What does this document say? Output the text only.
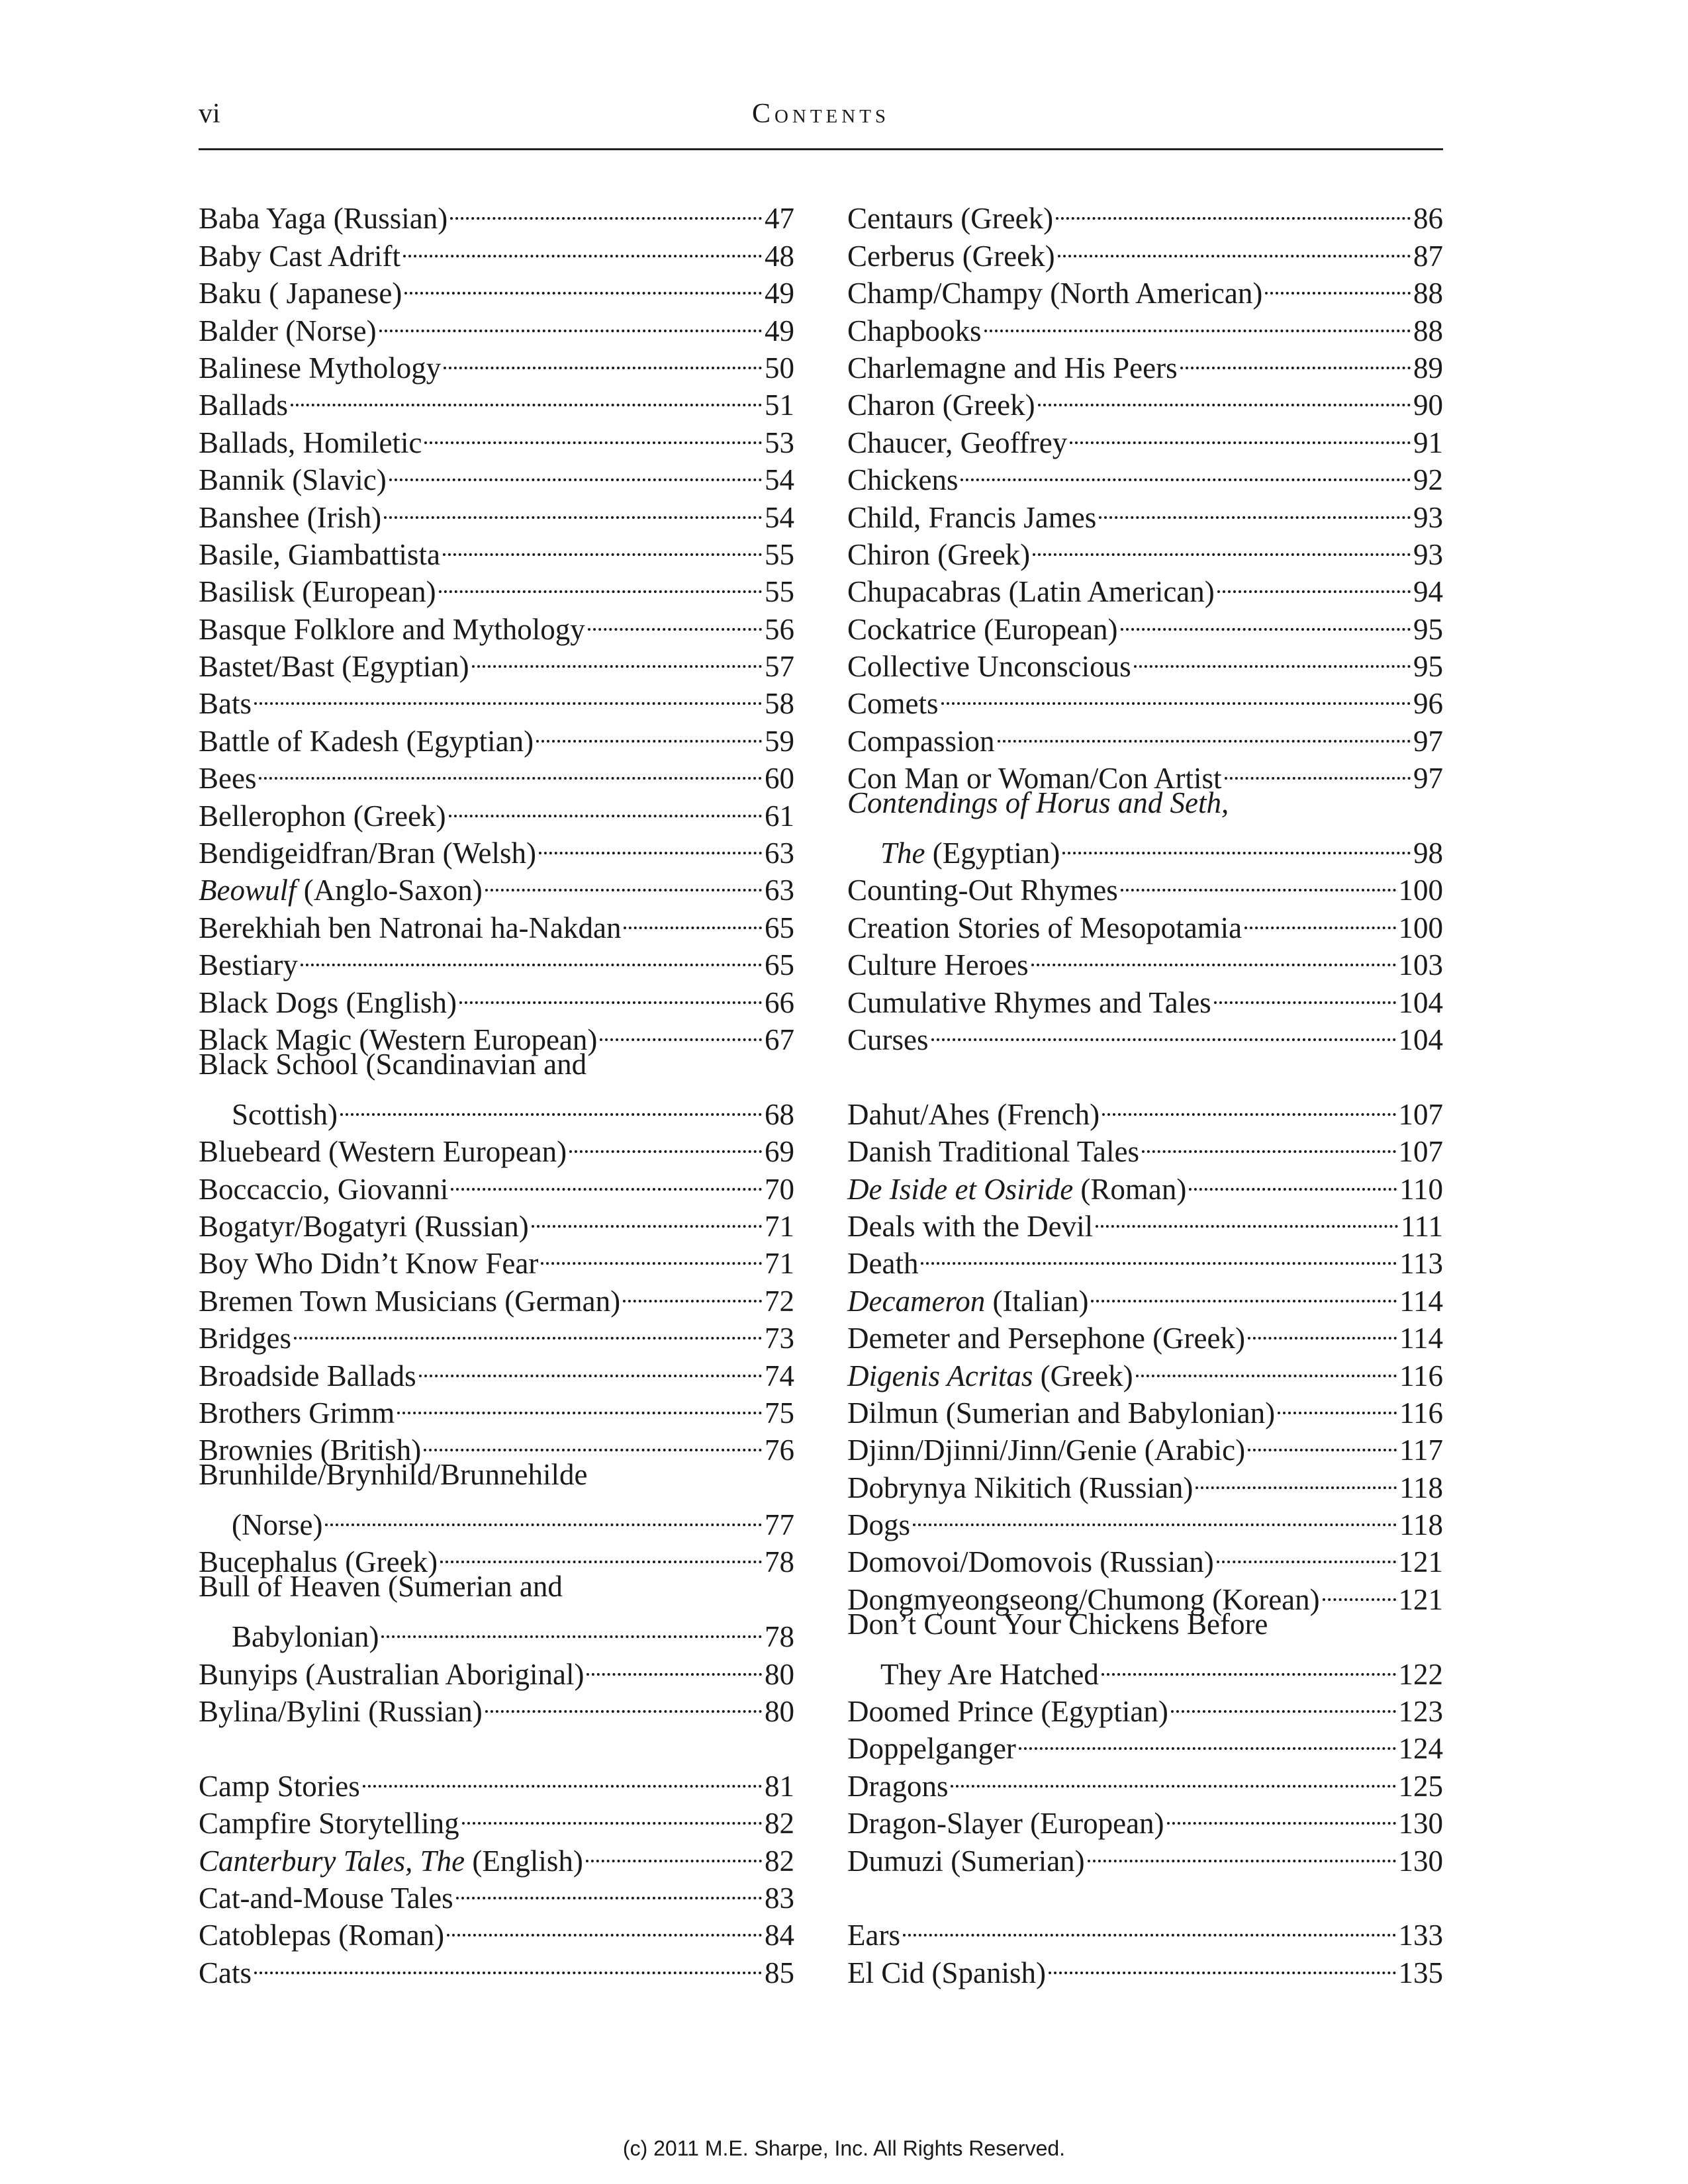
vi	Contents
Baba Yaga (Russian)	47
Baby Cast Adrift	48
Baku ( Japanese)	49
Balder (Norse)	49
Balinese Mythology	50
Ballads	51
Ballads, Homiletic	53
Bannik (Slavic)	54
Banshee (Irish)	54
Basile, Giambattista	55
Basilisk (European)	55
Basque Folklore and Mythology	56
Bastet/Bast (Egyptian)	57
Bats	58
Battle of Kadesh (Egyptian)	59
Bees	60
Bellerophon (Greek)	61
Bendigeidfran/Bran (Welsh)	63
Beowulf (Anglo-Saxon)	63
Berekhiah ben Natronai ha-Nakdan	65
Bestiary	65
Black Dogs (English)	66
Black Magic (Western European)	67
Black School (Scandinavian and
Scottish)	68
Bluebeard (Western European)	69
Boccaccio, Giovanni	70
Bogatyr/Bogatyri (Russian)	71
Boy Who Didn’t Know Fear	71
Bremen Town Musicians (German)	72
Bridges	73
Broadside Ballads	74
Brothers Grimm	75
Brownies (British)	76
Brunhilde/Brynhild/Brunnehilde
(Norse)	77
Bucephalus (Greek)	78
Bull of Heaven (Sumerian and
Babylonian)	78
Bunyips (Australian Aboriginal)	80
Bylina/Bylini (Russian)	80
Camp Stories	81
Campfire Storytelling	82
Canterbury Tales, The (English)	82
Cat-and-Mouse Tales	83
Catoblepas (Roman)	84
Cats	85
Centaurs (Greek)	86
Cerberus (Greek)	87
Champ/Champy (North American)	88
Chapbooks	88
Charlemagne and His Peers	89
Charon (Greek)	90
Chaucer, Geoffrey	91
Chickens	92
Child, Francis James	93
Chiron (Greek)	93
Chupacabras (Latin American)	94
Cockatrice (European)	95
Collective Unconscious	95
Comets	96
Compassion	97
Con Man or Woman/Con Artist	97
Contendings of Horus and Seth,
The (Egyptian)	98
Counting-Out Rhymes	100
Creation Stories of Mesopotamia	100
Culture Heroes	103
Cumulative Rhymes and Tales	104
Curses	104
Dahut/Ahes (French)	107
Danish Traditional Tales	107
De Iside et Osiride (Roman)	110
Deals with the Devil	111
Death	113
Decameron (Italian)	114
Demeter and Persephone (Greek)	114
Digenis Acritas (Greek)	116
Dilmun (Sumerian and Babylonian)	116
Djinn/Djinni/Jinn/Genie (Arabic)	117
Dobrynya Nikitich (Russian)	118
Dogs	118
Domovoi/Domovois (Russian)	121
Dongmyeongseong/Chumong (Korean)	121
Don’t Count Your Chickens Before
They Are Hatched	122
Doomed Prince (Egyptian)	123
Doppelganger	124
Dragons	125
Dragon-Slayer (European)	130
Dumuzi (Sumerian)	130
Ears	133
El Cid (Spanish)	135
(c) 2011 M.E. Sharpe, Inc. All Rights Reserved.
